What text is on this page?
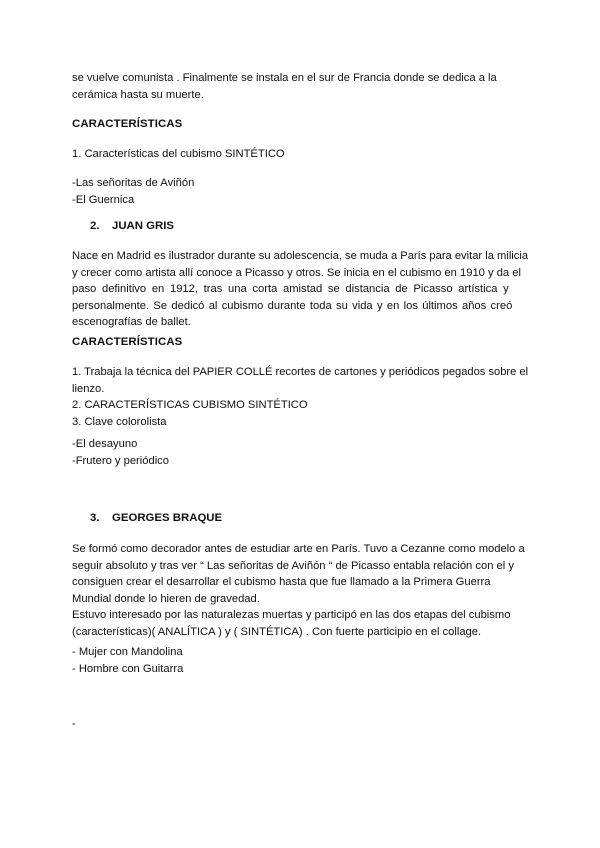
se vuelve comunista . Finalmente se instala en el sur de Francia donde se dedica a la
cerámica hasta su muerte.

CARACTERÍSTICAS

1. Características del cubismo SINTÉTICO
-Las señoritas de Aviñón
-El Guernica

2. JUAN GRIS

Nace en Madrid es ilustrador durante su adolescencia, se muda a París para evitar la milicia
y crecer como artista allí conoce a Picasso y otros. Se inicia en el cubismo en 1910 y da el
paso definitivo en 1912, tras una corta amistad se distancia de Picasso artística y
personalmente. Se dedicó al cubismo durante toda su vida y en los últimos años creó
escenografías de ballet.

CARACTERÍSTICAS

1. Trabaja la técnica del PAPIER COLLÉ recortes de cartones y periódicos pegados sobre el
lienzo.
2. CARACTERÍSTICAS CUBISMO SINTÉTICO
3. Clave colorolista
-El desayuno
-Frutero y periódico

3. GEORGES BRAQUE

Se formó como decorador antes de estudiar arte en París. Tuvo a Cezanne como modelo a
seguir absoluto y tras ver “ Las señoritas de Aviñón “ de Picasso entabla relación con el y
consiguen crear el desarrollar el cubismo hasta que fue llamado a la Primera Guerra
Mundial donde lo hieren de gravedad.
Estuvo interesado por las naturalezas muertas y participó en las dos etapas del cubismo
(características)( ANALÍTICA ) y ( SINTÉTICA) . Con fuerte participio en el collage.
- Mujer con Mandolina
- Hombre con Guitarra
-
